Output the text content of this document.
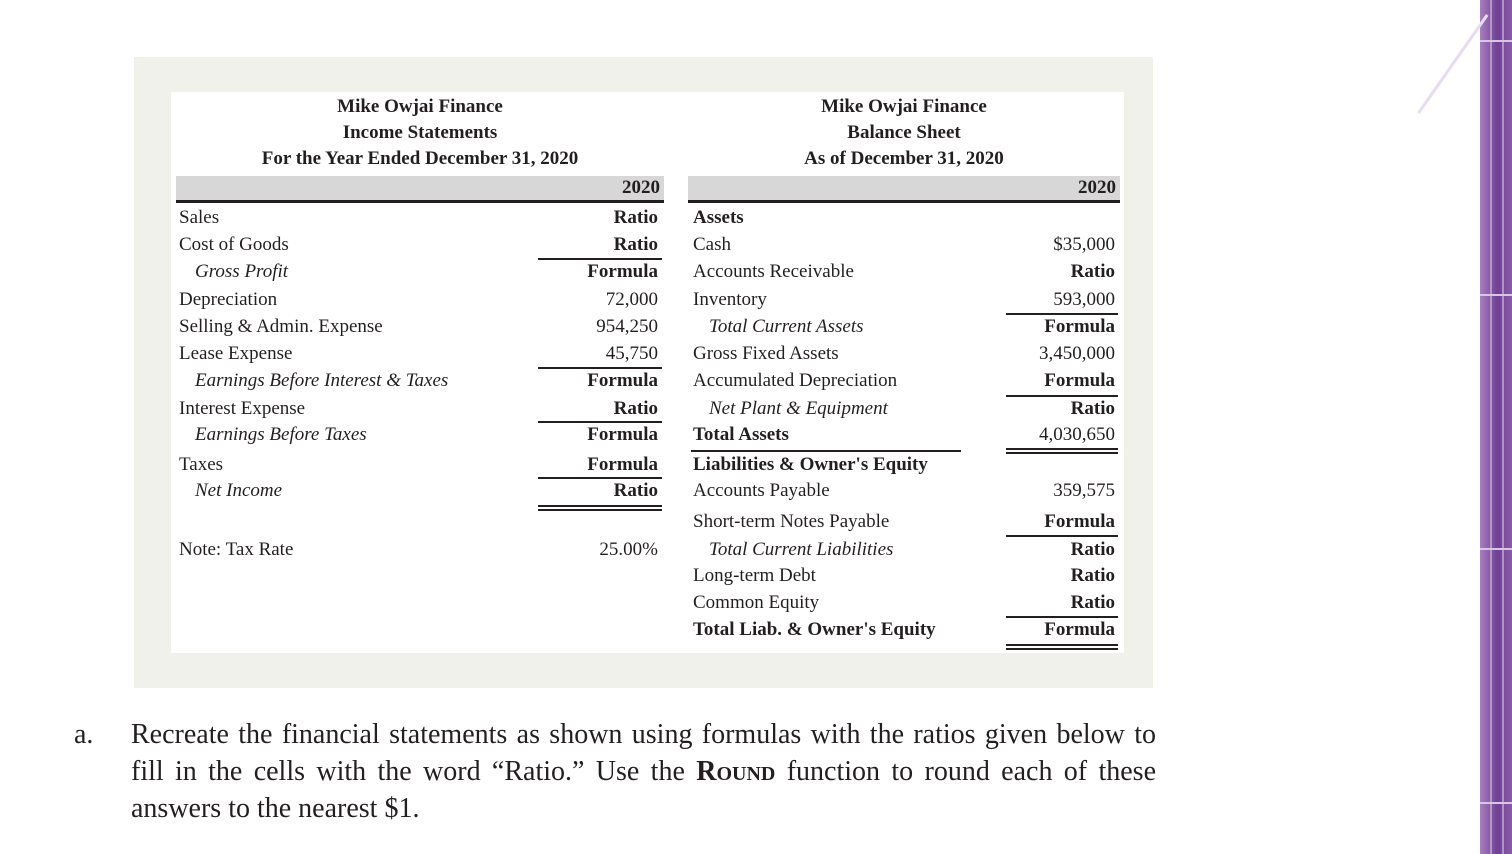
Mike Owjai Finance
Income Statements
For the Year Ended December 31, 2020
Mike Owjai Finance
Balance Sheet
As of December 31, 2020
2020	2020
Sales	Ratio
Cost of Goods	Ratio
Gross Profit	Formula
Depreciation	72,000
Selling & Admin. Expense	954,250
Lease Expense	45,750
Earnings Before Interest & Taxes	Formula
Interest Expense	Ratio
Earnings Before Taxes	Formula
Taxes	Formula
Net Income	Ratio
Note: Tax Rate	25.00%
Assets
Cash	$35,000
Accounts Receivable	Ratio
Inventory	593,000
Total Current Assets	Formula
Gross Fixed Assets	3,450,000
Accumulated Depreciation	Formula
Net Plant & Equipment	Ratio
Total Assets	4,030,650
Liabilities & Owner's Equity
Accounts Payable	359,575
Short-term Notes Payable	Formula
Total Current Liabilities	Ratio
Long-term Debt	Ratio
Common Equity	Ratio
Total Liab. & Owner's Equity	Formula
a. Recreate the financial statements as shown using formulas with the ratios given below to fill in the cells with the word “Ratio.” Use the Round function to round each of these answers to the nearest $1.
